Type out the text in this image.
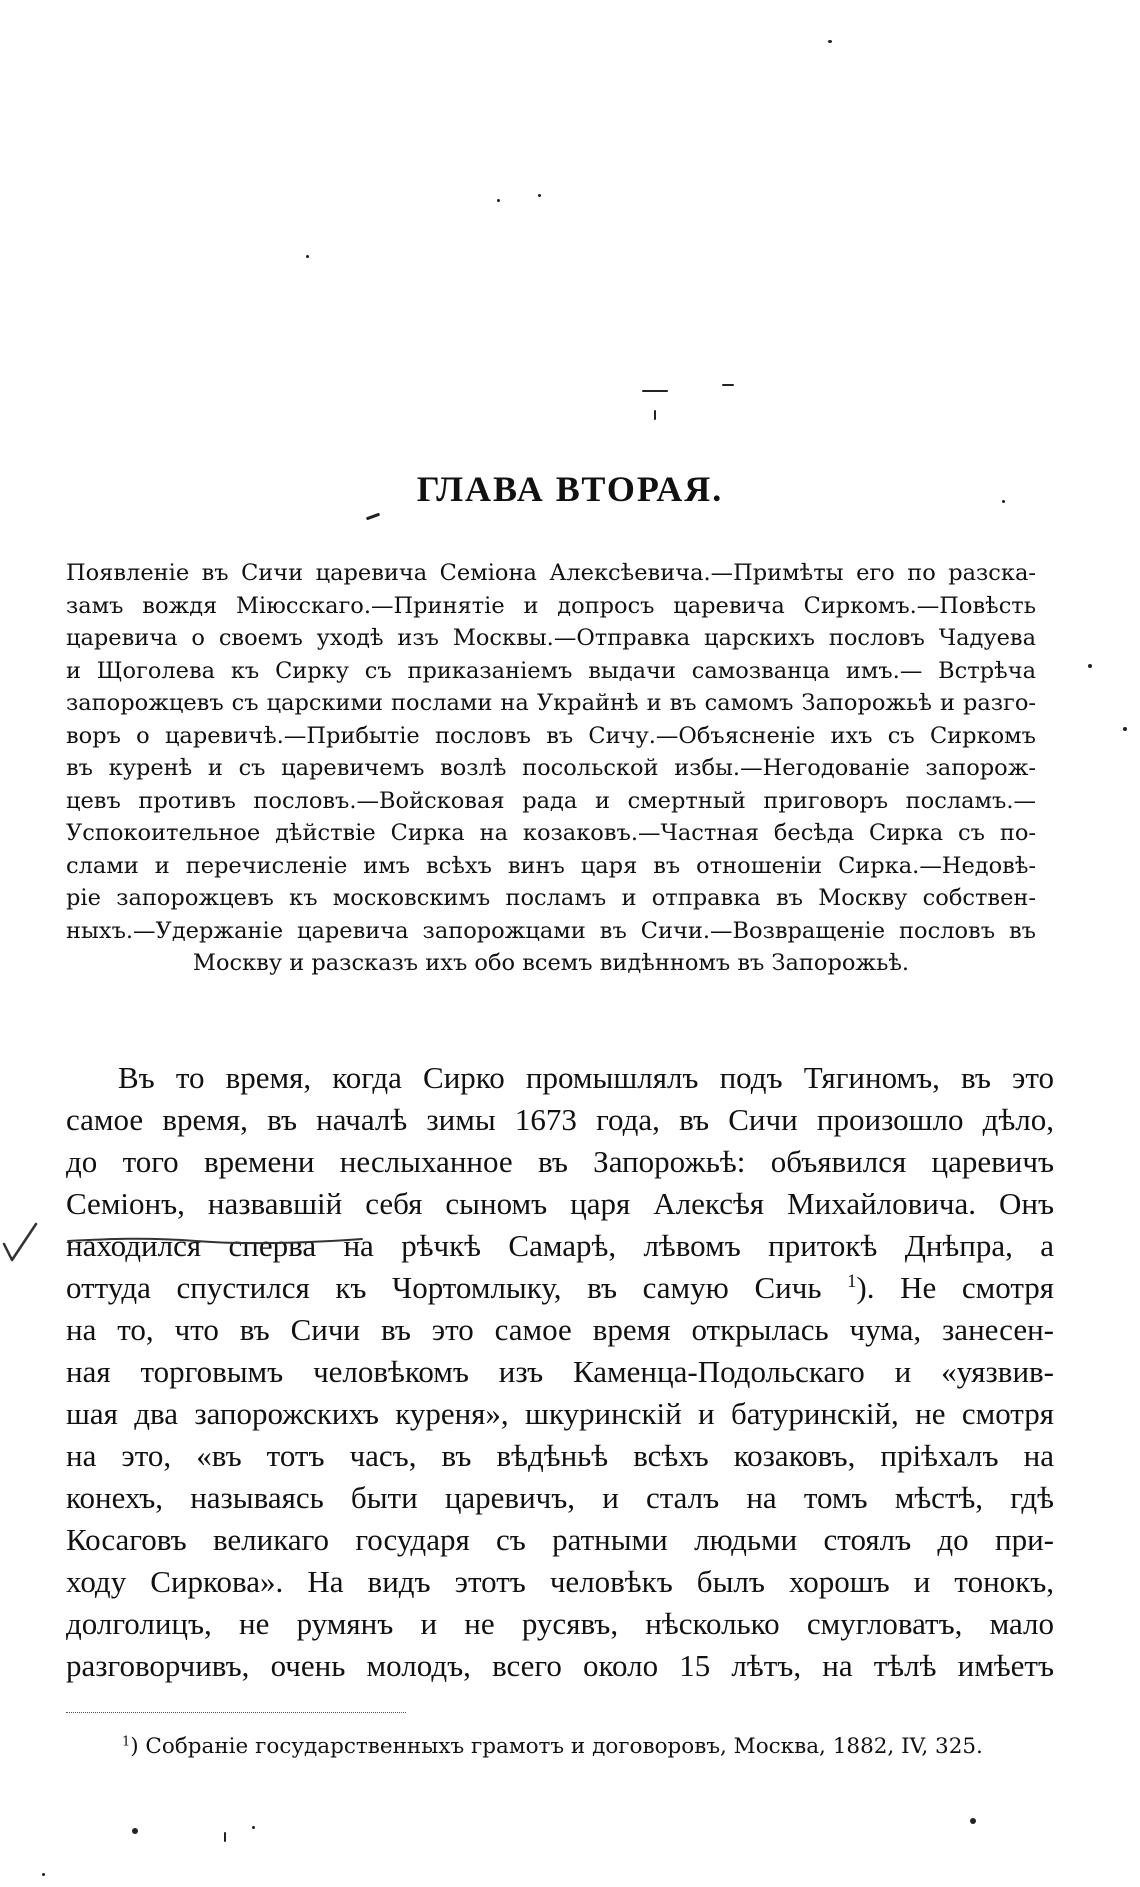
ГЛАВА ВТОРАЯ.
Появленіе въ Сичи царевича Семіона Алексѣевича.—Примѣты его по разска-
замъ вождя Міюсскаго.—Принятіе и допросъ царевича Сиркомъ.—Повѣсть
царевича о своемъ уходѣ изъ Москвы.—Отправка царскихъ пословъ Чадуева
и Щоголева къ Сирку съ приказаніемъ выдачи самозванца имъ.— Встрѣча
запорожцевъ съ царскими послами на Украйнѣ и въ самомъ Запорожьѣ и разго-
воръ о царевичѣ.—Прибытіе пословъ въ Сичу.—Объясненіе ихъ съ Сиркомъ
въ куренѣ и съ царевичемъ возлѣ посольской избы.—Негодованіе запорож-
цевъ противъ пословъ.—Войсковая рада и смертный приговоръ посламъ.—
Успокоительное дѣйствіе Сирка на козаковъ.—Частная бесѣда Сирка съ по-
слами и перечисленіе имъ всѣхъ винъ царя въ отношеніи Сирка.—Недовѣ-
ріе запорожцевъ къ московскимъ посламъ и отправка въ Москву собствен-
ныхъ.—Удержаніе царевича запорожцами въ Сичи.—Возвращеніе пословъ въ
Москву и разсказъ ихъ обо всемъ видѣнномъ въ Запорожьѣ.
Въ то время, когда Сирко промышлялъ подъ Тягиномъ, въ это
самое время, въ началѣ зимы 1673 года, въ Сичи произошло дѣло,
до того времени неслыханное въ Запорожьѣ: объявился царевичъ
Семіонъ, назвавшій себя сыномъ царя Алексѣя Михайловича. Онъ
находился сперва на рѣчкѣ Самарѣ, лѣвомъ притокѣ Днѣпра, а
оттуда спустился къ Чортомлыку, въ самую Сичь $^1$). Не смотря
на то, что въ Сичи въ это самое время открылась чума, занесен-
ная торговымъ человѣкомъ изъ Каменца-Подольскаго и «уязвив-
шая два запорожскихъ куреня», шкуринскій и батуринскій, не смотря
на это, «въ тотъ часъ, въ вѣдѣньѣ всѣхъ козаковъ, пріѣхалъ на
конехъ, называясь быти царевичъ, и сталъ на томъ мѣстѣ, гдѣ
Косаговъ великаго государя съ ратными людьми стоялъ до при-
ходу Сиркова». На видъ этотъ человѣкъ былъ хорошъ и тонокъ,
долголицъ, не румянъ и не русявъ, нѣсколько смугловатъ, мало
разговорчивъ, очень молодъ, всего около 15 лѣтъ, на тѣлѣ имѣетъ

$^1$) Собраніе государственныхъ грамотъ и договоровъ, Москва, 1882, IV, 325.
